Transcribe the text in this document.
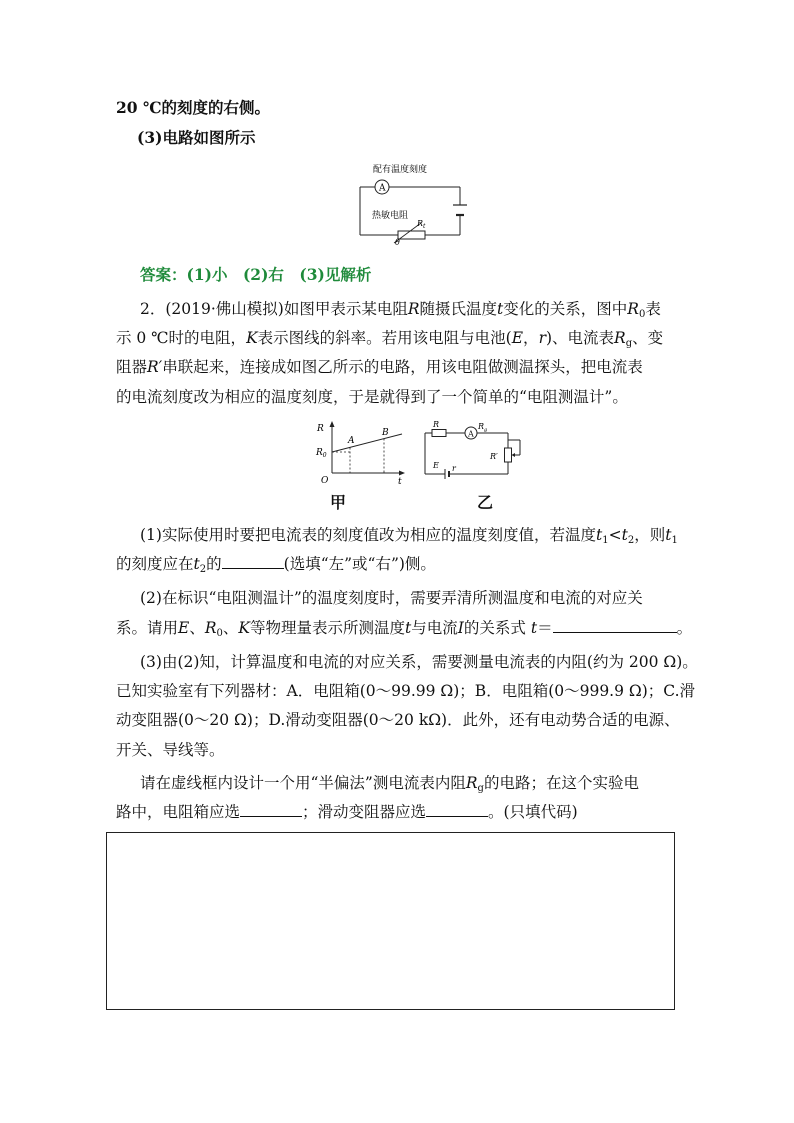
20 ℃的刻度的右侧。
(3)电路如图所示
配有温度刻度
A
热敏电阻
$R_t$
θ
答案：(1)小　(2)右　(3)见解析
2．(2019·佛山模拟)如图甲表示某电阻R随摄氏温度t变化的关系，图中$R_0$表
示 0 ℃时的电阻，K表示图线的斜率。若用该电阻与电池(E，r)、电流表$R_g$、变
阻器R′串联起来，连接成如图乙所示的电路，用该电阻做测温探头，把电流表
的电流刻度改为相应的温度刻度，于是就得到了一个简单的“电阻测温计”。
R
t
O
$R_0$
A
B
甲
A
R	$R_g$
R′
E r
乙
(1)实际使用时要把电流表的刻度值改为相应的温度刻度值，若温度$t_1<t_2$，则$t_1$
的刻度应在$t_2$的	(选填“左”或“右”)侧。
(2)在标识“电阻测温计”的温度刻度时，需要弄清所测温度和电流的对应关
系。请用E、$R_0$、K等物理量表示所测温度t与电流I的关系式 t＝	。
(3)由(2)知，计算温度和电流的对应关系，需要测量电流表的内阻(约为 200 Ω)。
已知实验室有下列器材：A．电阻箱(0～99.99 Ω)；B．电阻箱(0～999.9 Ω)；C.滑
动变阻器(0～20 Ω)；D.滑动变阻器(0～20 kΩ)．此外，还有电动势合适的电源、
开关、导线等。
请在虚线框内设计一个用“半偏法”测电流表内阻$R_g$的电路；在这个实验电
路中，电阻箱应选	；滑动变阻器应选	。(只填代码)
